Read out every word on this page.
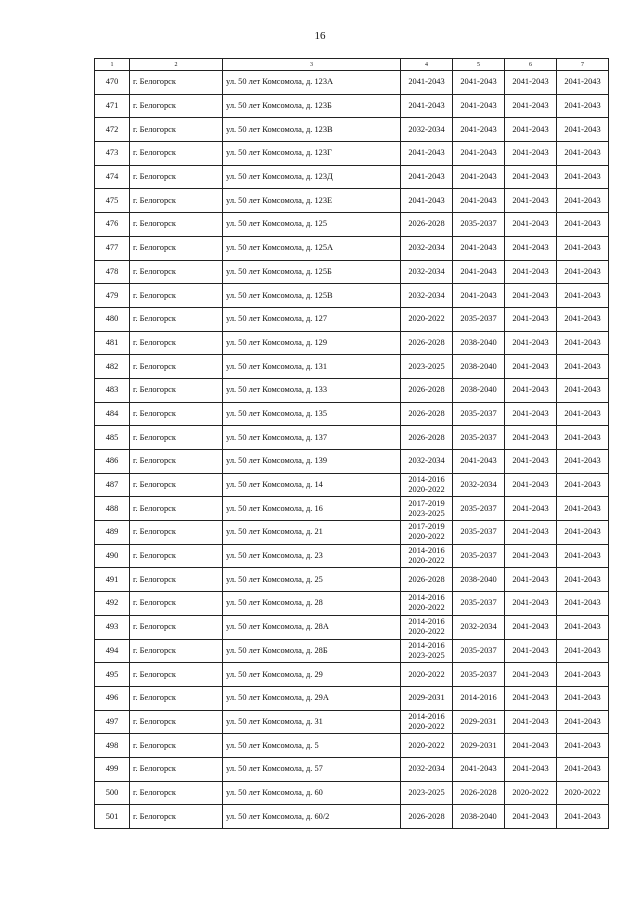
16
1	2	3	4	5	6	7
470	г. Белогорск	ул. 50 лет Комсомола, д. 123А	2041-2043	2041-2043	2041-2043	2041-2043
471	г. Белогорск	ул. 50 лет Комсомола, д. 123Б	2041-2043	2041-2043	2041-2043	2041-2043
472	г. Белогорск	ул. 50 лет Комсомола, д. 123В	2032-2034	2041-2043	2041-2043	2041-2043
473	г. Белогорск	ул. 50 лет Комсомола, д. 123Г	2041-2043	2041-2043	2041-2043	2041-2043
474	г. Белогорск	ул. 50 лет Комсомола, д. 123Д	2041-2043	2041-2043	2041-2043	2041-2043
475	г. Белогорск	ул. 50 лет Комсомола, д. 123Е	2041-2043	2041-2043	2041-2043	2041-2043
476	г. Белогорск	ул. 50 лет Комсомола, д. 125	2026-2028	2035-2037	2041-2043	2041-2043
477	г. Белогорск	ул. 50 лет Комсомола, д. 125А	2032-2034	2041-2043	2041-2043	2041-2043
478	г. Белогорск	ул. 50 лет Комсомола, д. 125Б	2032-2034	2041-2043	2041-2043	2041-2043
479	г. Белогорск	ул. 50 лет Комсомола, д. 125В	2032-2034	2041-2043	2041-2043	2041-2043
480	г. Белогорск	ул. 50 лет Комсомола, д. 127	2020-2022	2035-2037	2041-2043	2041-2043
481	г. Белогорск	ул. 50 лет Комсомола, д. 129	2026-2028	2038-2040	2041-2043	2041-2043
482	г. Белогорск	ул. 50 лет Комсомола, д. 131	2023-2025	2038-2040	2041-2043	2041-2043
483	г. Белогорск	ул. 50 лет Комсомола, д. 133	2026-2028	2038-2040	2041-2043	2041-2043
484	г. Белогорск	ул. 50 лет Комсомола, д. 135	2026-2028	2035-2037	2041-2043	2041-2043
485	г. Белогорск	ул. 50 лет Комсомола, д. 137	2026-2028	2035-2037	2041-2043	2041-2043
486	г. Белогорск	ул. 50 лет Комсомола, д. 139	2032-2034	2041-2043	2041-2043	2041-2043
487	г. Белогорск	ул. 50 лет Комсомола, д. 14	2014-2016
2020-2022	2032-2034	2041-2043	2041-2043
488	г. Белогорск	ул. 50 лет Комсомола, д. 16	2017-2019
2023-2025	2035-2037	2041-2043	2041-2043
489	г. Белогорск	ул. 50 лет Комсомола, д. 21	2017-2019
2020-2022	2035-2037	2041-2043	2041-2043
490	г. Белогорск	ул. 50 лет Комсомола, д. 23	2014-2016
2020-2022	2035-2037	2041-2043	2041-2043
491	г. Белогорск	ул. 50 лет Комсомола, д. 25	2026-2028	2038-2040	2041-2043	2041-2043
492	г. Белогорск	ул. 50 лет Комсомола, д. 28	2014-2016
2020-2022	2035-2037	2041-2043	2041-2043
493	г. Белогорск	ул. 50 лет Комсомола, д. 28А	2014-2016
2020-2022	2032-2034	2041-2043	2041-2043
494	г. Белогорск	ул. 50 лет Комсомола, д. 28Б	2014-2016
2023-2025	2035-2037	2041-2043	2041-2043
495	г. Белогорск	ул. 50 лет Комсомола, д. 29	2020-2022	2035-2037	2041-2043	2041-2043
496	г. Белогорск	ул. 50 лет Комсомола, д. 29А	2029-2031	2014-2016	2041-2043	2041-2043
497	г. Белогорск	ул. 50 лет Комсомола, д. 31	2014-2016
2020-2022	2029-2031	2041-2043	2041-2043
498	г. Белогорск	ул. 50 лет Комсомола, д. 5	2020-2022	2029-2031	2041-2043	2041-2043
499	г. Белогорск	ул. 50 лет Комсомола, д. 57	2032-2034	2041-2043	2041-2043	2041-2043
500	г. Белогорск	ул. 50 лет Комсомола, д. 60	2023-2025	2026-2028	2020-2022	2020-2022
501	г. Белогорск	ул. 50 лет Комсомола, д. 60/2	2026-2028	2038-2040	2041-2043	2041-2043
